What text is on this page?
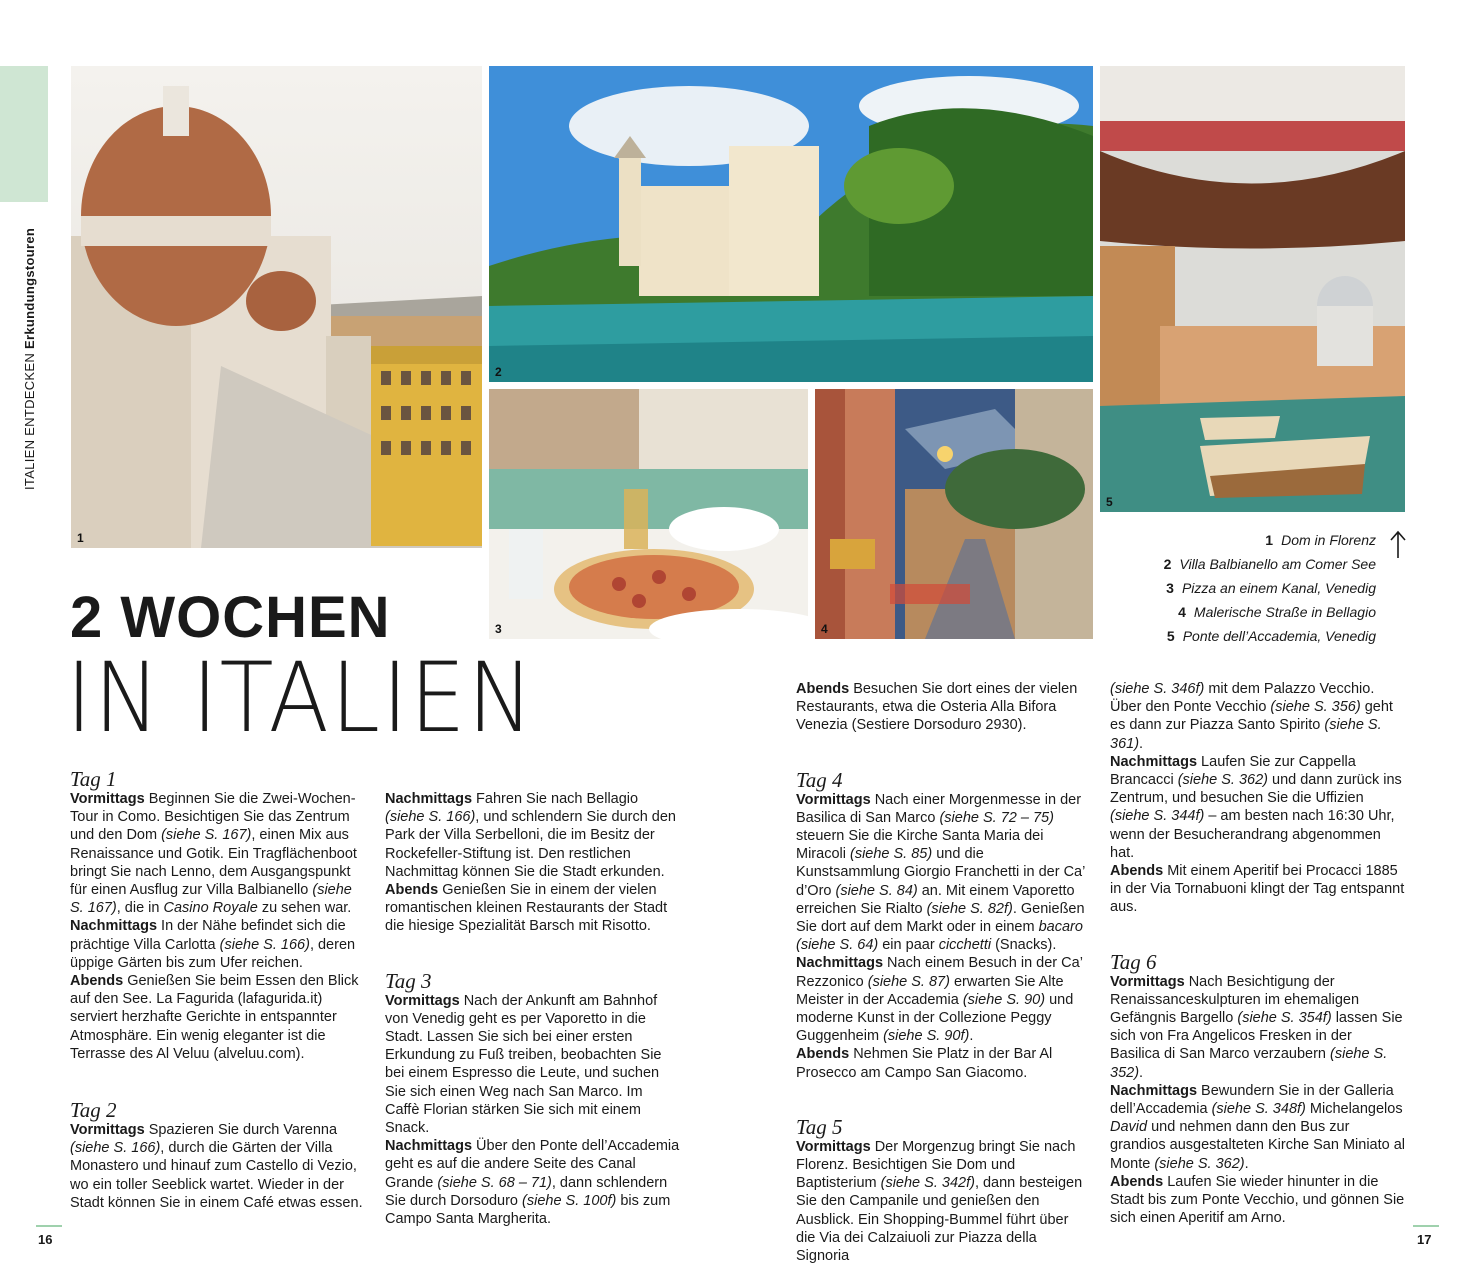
ITALIEN ENTDECKENErkundungstouren
1
2
3	4
5
1 Dom in Florenz
2 Villa Balbianello am Comer See
3 Pizza an einem Kanal, Venedig
4 Malerische Straße in Bellagio
5 Ponte dell’Accademia, Venedig
2 WOCHEN
IN ITALIEN

Tag 1

Vormittags Beginnen Sie die Zwei-Wochen-Tour in Como. Besichtigen Sie das Zentrum und den Dom (siehe S. 167), einen Mix aus Renaissance und Gotik. Ein Tragflächenboot bringt Sie nach Lenno, dem Ausgangspunkt für einen Ausflug zur Villa Balbianello (siehe S. 167), die in Casino Royale zu sehen war.

Nachmittags In der Nähe befindet sich die prächtige Villa Carlotta (siehe S. 166), deren üppige Gärten bis zum Ufer reichen.

Abends Genießen Sie beim Essen den Blick auf den See. La Fagurida (lafagurida.it) serviert herzhafte Gerichte in entspannter Atmosphäre. Ein wenig eleganter ist die Terrasse des Al Veluu (alveluu.com).

Tag 2

Vormittags Spazieren Sie durch Varenna (siehe S. 166), durch die Gärten der Villa Monastero und hinauf zum Castello di Vezio, wo ein toller Seeblick wartet. Wieder in der Stadt können Sie in einem Café etwas essen.

Nachmittags Fahren Sie nach Bellagio (siehe S. 166), und schlendern Sie durch den Park der Villa Serbelloni, die im Besitz der Rockefeller-Stiftung ist. Den restlichen Nachmittag können Sie die Stadt erkunden.

Abends Genießen Sie in einem der vielen romantischen kleinen Restaurants der Stadt die hiesige Spezialität Barsch mit Risotto.

Tag 3

Vormittags Nach der Ankunft am Bahnhof von Venedig geht es per Vaporetto in die Stadt. Lassen Sie sich bei einer ersten Erkundung zu Fuß treiben, beobachten Sie bei einem Espresso die Leute, und suchen Sie sich einen Weg nach San Marco. Im Caffè Florian stärken Sie sich mit einem Snack.

Nachmittags Über den Ponte dell’Accademia geht es auf die andere Seite des Canal Grande (siehe S. 68 – 71), dann schlendern Sie durch Dorsoduro (siehe S. 100f) bis zum Campo Santa Margherita.

Abends Besuchen Sie dort eines der vielen Restaurants, etwa die Osteria Alla Bifora Venezia (Sestiere Dorsoduro 2930).

Tag 4

Vormittags Nach einer Morgenmesse in der Basilica di San Marco (siehe S. 72 – 75) steuern Sie die Kirche Santa Maria dei Miracoli (siehe S. 85) und die Kunstsammlung Giorgio Franchetti in der Ca’ d’Oro (siehe S. 84) an. Mit einem Vaporetto erreichen Sie Rialto (siehe S. 82f). Genießen Sie dort auf dem Markt oder in einem bacaro (siehe S. 64) ein paar cicchetti (Snacks).

Nachmittags Nach einem Besuch in der Ca’ Rezzonico (siehe S. 87) erwarten Sie Alte Meister in der Accademia (siehe S. 90) und moderne Kunst in der Collezione Peggy Guggenheim (siehe S. 90f).

Abends Nehmen Sie Platz in der Bar Al Prosecco am Campo San Giacomo.

Tag 5

Vormittags Der Morgenzug bringt Sie nach Florenz. Besichtigen Sie Dom und Baptisterium (siehe S. 342f), dann besteigen Sie den Campanile und genießen den Ausblick. Ein Shopping-Bummel führt über die Via dei Calzaiuoli zur Piazza della Signoria

(siehe S. 346f) mit dem Palazzo Vecchio. Über den Ponte Vecchio (siehe S. 356) geht es dann zur Piazza Santo Spirito (siehe S. 361).

Nachmittags Laufen Sie zur Cappella Brancacci (siehe S. 362) und dann zurück ins Zentrum, und besuchen Sie die Uffizien (siehe S. 344f) – am besten nach 16:30 Uhr, wenn der Besucherandrang abgenommen hat.

Abends Mit einem Aperitif bei Procacci 1885 in der Via Tornabuoni klingt der Tag entspannt aus.

Tag 6

Vormittags Nach Besichtigung der Renaissanceskulpturen im ehemaligen Gefängnis Bargello (siehe S. 354f) lassen Sie sich von Fra Angelicos Fresken in der Basilica di San Marco verzaubern (siehe S. 352).

Nachmittags Bewundern Sie in der Galleria dell’Accademia (siehe S. 348f) Michelangelos David und nehmen dann den Bus zur grandios ausgestalteten Kirche San Miniato al Monte (siehe S. 362).

Abends Laufen Sie wieder hinunter in die Stadt bis zum Ponte Vecchio, und gönnen Sie sich einen Aperitif am Arno.

16	17
